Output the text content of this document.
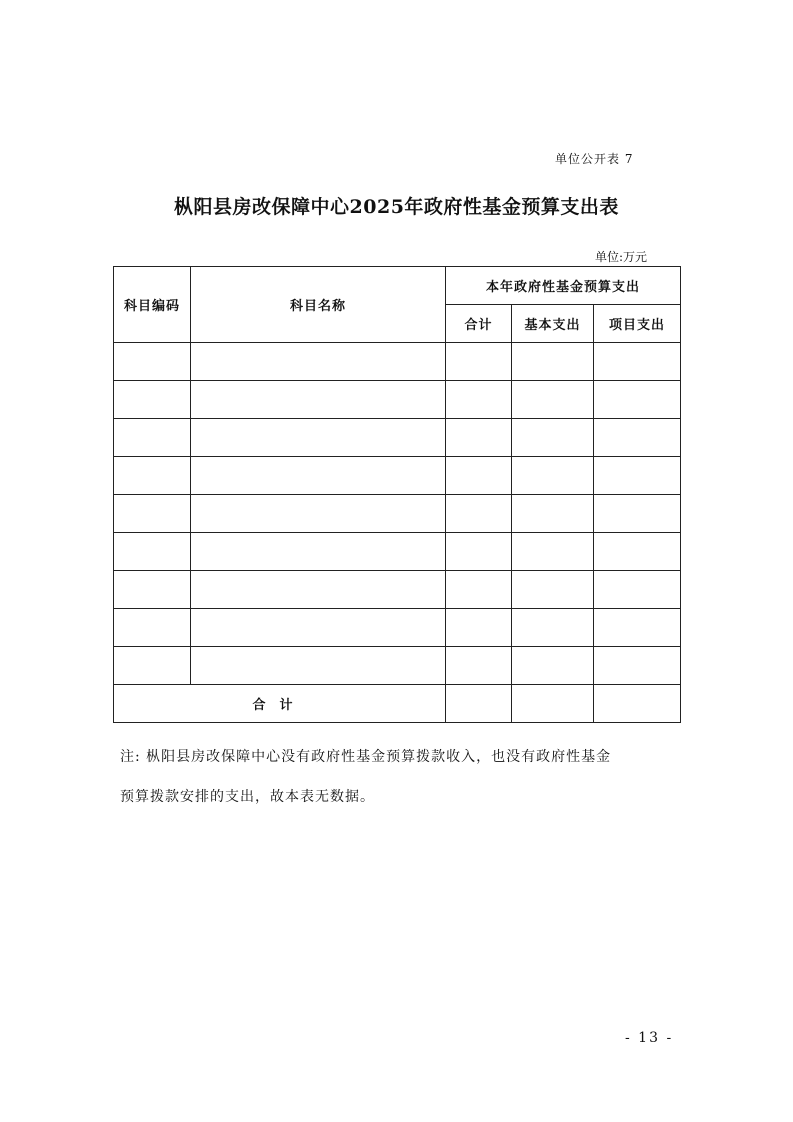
单位公开表 7
枞阳县房改保障中心2025年政府性基金预算支出表
单位:万元
科目编码	科目名称	本年政府性基金预算支出		
		合计	基本支出	项目支出

合计				
注: 枞阳县房改保障中心没有政府性基金预算拨款收入，也没有政府性基金
预算拨款安排的支出，故本表无数据。
- 13 -
